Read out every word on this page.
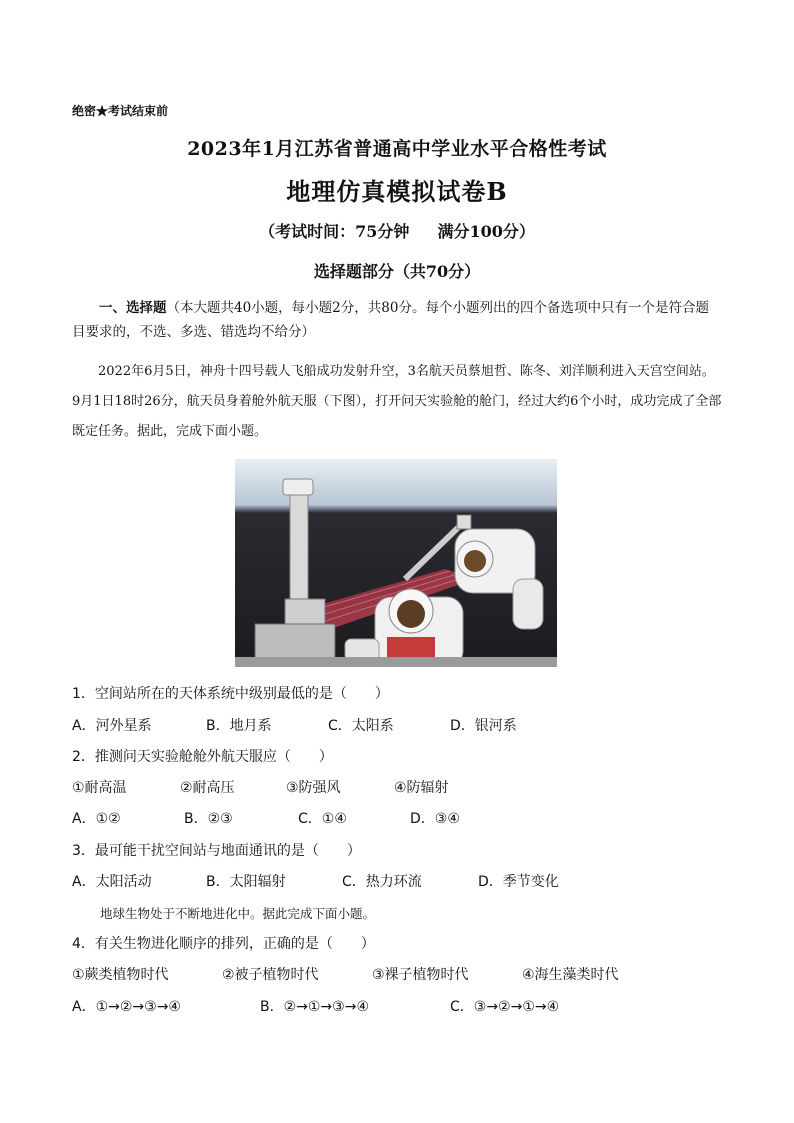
绝密★考试结束前
2023年1月江苏省普通高中学业水平合格性考试
地理仿真模拟试卷B
（考试时间：75分钟 满分100分）
选择题部分（共70分）

一、选择题（本大题共40小题，每小题2分，共80分。每个小题列出的四个备选项中只有一个是符合题目要求的，不选、多选、错选均不给分）

2022年6月5日，神舟十四号载人飞船成功发射升空，3名航天员蔡旭哲、陈冬、刘洋顺利进入天宫空间站。9月1日18时26分，航天员身着舱外航天服（下图），打开问天实验舱的舱门，经过大约6个小时，成功完成了全部既定任务。据此，完成下面小题。

1．空间站所在的天体系统中级别最低的是（　　）
A．河外星系	B．地月系	C．太阳系	D．银河系
2．推测问天实验舱舱外航天服应（　　）
①耐高温	②耐高压	③防强风	④防辐射
A．①②	B．②③	C．①④	D．③④
3．最可能干扰空间站与地面通讯的是（　　）
A．太阳活动	B．太阳辐射	C．热力环流	D．季节变化
地球生物处于不断地进化中。据此完成下面小题。
4．有关生物进化顺序的排列，正确的是（　　）
①蕨类植物时代	②被子植物时代	③裸子植物时代	④海生藻类时代
A．①→②→③→④	B．②→①→③→④	C．③→②→①→④
